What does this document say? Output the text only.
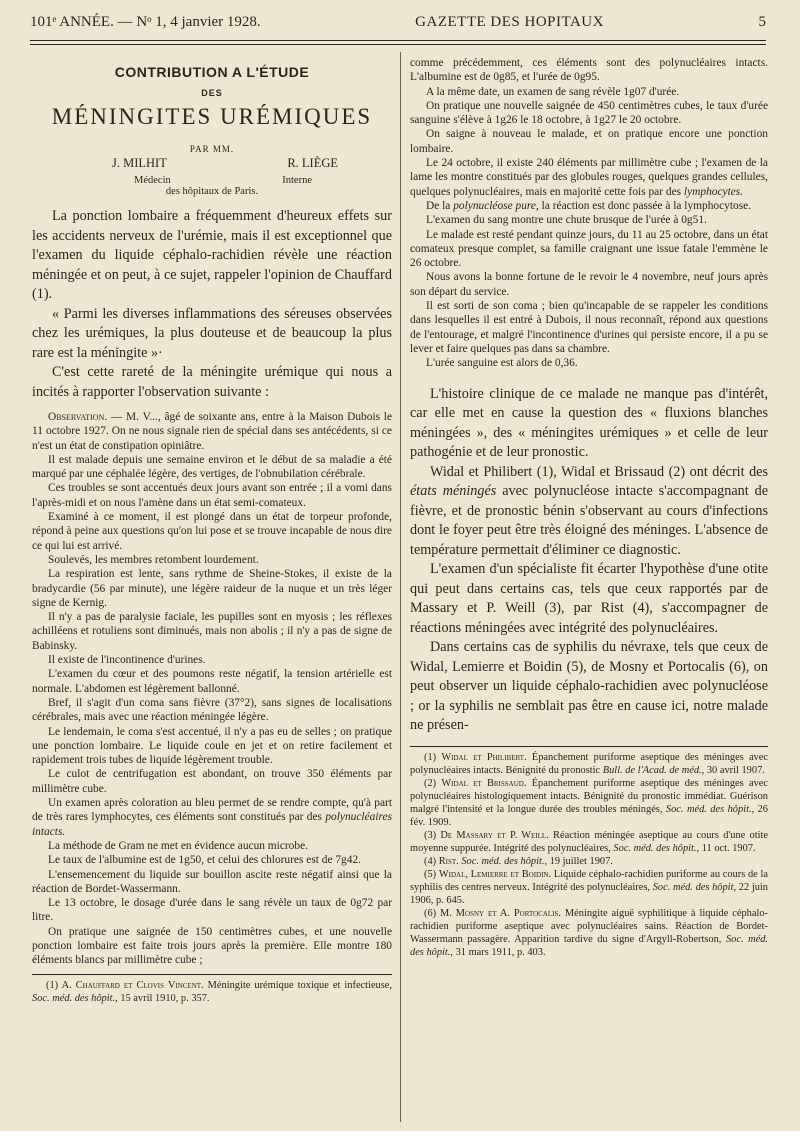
101ᵉ ANNÉE. — Nᵒ 1, 4 janvier 1928.	GAZETTE DES HOPITAUX	5
CONTRIBUTION A L'ÉTUDE
DES
MÉNINGITES URÉMIQUES
PAR MM.
J. MILHIT	R. LIÈGE
Médecin	Interne
des hôpitaux de Paris.

La ponction lombaire a fréquemment d'heureux effets sur les accidents nerveux de l'urémie, mais il est exceptionnel que l'examen du liquide céphalo-rachidien révèle une réaction méningée et on peut, à ce sujet, rappeler l'opinion de Chauffard (1).

« Parmi les diverses inflammations des séreuses observées chez les urémiques, la plus douteuse et de beaucoup la plus rare est la méningite »·

C'est cette rareté de la méningite urémique qui nous a incités à rapporter l'observation suivante :

Observation. — M. V..., âgé de soixante ans, entre à la Maison Dubois le 11 octobre 1927. On ne nous signale rien de spécial dans ses antécédents, si ce n'est un état de constipation opiniâtre.

Il est malade depuis une semaine environ et le début de sa maladie a été marqué par une céphalée légère, des vertiges, de l'obnubilation cérébrale.

Ces troubles se sont accentués deux jours avant son entrée ; il a vomi dans l'après-midi et on nous l'amène dans un état semi-comateux.

Examiné à ce moment, il est plongé dans un état de torpeur profonde, répond à peine aux questions qu'on lui pose et se trouve incapable de nous dire ce qui lui est arrivé.

Soulevés, les membres retombent lourdement.

La respiration est lente, sans rythme de Sheine-Stokes, il existe de la bradycardie (56 par minute), une légère raideur de la nuque et un très léger signe de Kernig.

Il n'y a pas de paralysie faciale, les pupilles sont en myosis ; les réflexes achilléens et rotuliens sont diminués, mais non abolis ; il n'y a pas de signe de Babinsky.

Il existe de l'incontinence d'urines.

L'examen du cœur et des poumons reste négatif, la tension artérielle est normale. L'abdomen est légèrement ballonné.

Bref, il s'agit d'un coma sans fièvre (37°2), sans signes de localisations cérébrales, mais avec une réaction méningée légère.

Le lendemain, le coma s'est accentué, il n'y a pas eu de selles ; on pratique une ponction lombaire. Le liquide coule en jet et on retire facilement et rapidement trois tubes de liquide légèrement trouble.

Le culot de centrifugation est abondant, on trouve 350 éléments par millimètre cube.

Un examen après coloration au bleu permet de se rendre compte, qu'à part de très rares lymphocytes, ces éléments sont constitués par des polynucléaires intacts.

La méthode de Gram ne met en évidence aucun microbe.

Le taux de l'albumine est de 1g50, et celui des chlorures est de 7g42.

L'ensemencement du liquide sur bouillon ascite reste négatif ainsi que la réaction de Bordet-Wassermann.

Le 13 octobre, le dosage d'urée dans le sang révèle un taux de 0g72 par litre.

On pratique une saignée de 150 centimètres cubes, et une nouvelle ponction lombaire est faite trois jours après la première. Elle montre 180 éléments blancs par millimètre cube ;

(1) A. Chauffard et Clovis Vincent. Méningite urémique toxique et infectieuse, Soc. méd. des hôpit., 15 avril 1910, p. 357.

comme précédemment, ces éléments sont des polynucléaires intacts. L'albumine est de 0g85, et l'urée de 0g95.

A la même date, un examen de sang révèle 1g07 d'urée.

On pratique une nouvelle saignée de 450 centimètres cubes, le taux d'urée sanguine s'élève à 1g26 le 18 octobre, à 1g27 le 20 octobre.

On saigne à nouveau le malade, et on pratique encore une ponction lombaire.

Le 24 octobre, il existe 240 éléments par millimètre cube ; l'examen de la lame les montre constitués par des globules rouges, quelques grandes cellules, quelques polynucléaires, mais en majorité cette fois par des lymphocytes.

De la polynucléose pure, la réaction est donc passée à la lymphocytose.

L'examen du sang montre une chute brusque de l'urée à 0g51.

Le malade est resté pendant quinze jours, du 11 au 25 octobre, dans un état comateux presque complet, sa famille craignant une issue fatale l'emmène le 26 octobre.

Nous avons la bonne fortune de le revoir le 4 novembre, neuf jours après son départ du service.

Il est sorti de son coma ; bien qu'incapable de se rappeler les conditions dans lesquelles il est entré à Dubois, il nous reconnaît, répond aux questions de l'entourage, et malgré l'incontinence d'urines qui persiste encore, il a pu se lever et faire quelques pas dans sa chambre.

L'urée sanguine est alors de 0,36.

L'histoire clinique de ce malade ne manque pas d'intérêt, car elle met en cause la question des « fluxions blanches méningées », des « méningites urémiques » et celle de leur pathogénie et de leur pronostic.

Widal et Philibert (1), Widal et Brissaud (2) ont décrit des états méningés avec polynucléose intacte s'accompagnant de fièvre, et de pronostic bénin s'observant au cours d'infections dont le foyer peut être très éloigné des méninges. L'absence de température permettait d'éliminer ce diagnostic.

L'examen d'un spécialiste fit écarter l'hypothèse d'une otite qui peut dans certains cas, tels que ceux rapportés par de Massary et P. Weill (3), par Rist (4), s'accompagner de réactions méningées avec intégrité des polynucléaires.

Dans certains cas de syphilis du névraxe, tels que ceux de Widal, Lemierre et Boidin (5), de Mosny et Portocalis (6), on peut observer un liquide céphalo-rachidien avec polynucléose ; or la syphilis ne semblait pas être en cause ici, notre malade ne présen-

(1) Widal et Philibert. Épanchement puriforme aseptique des méninges avec polynucléaires intacts. Bénignité du pronostic Bull. de l'Acad. de méd., 30 avril 1907.

(2) Widal et Brissaud. Épanchement puriforme aseptique des méninges avec polynucléaires histologiquement intacts. Bénignité du pronostic immédiat. Guérison malgré l'intensité et la longue durée des troubles méningés, Soc. méd. des hôpit., 26 fév. 1909.

(3) De Massary et P. Weill. Réaction méningée aseptique au cours d'une otite moyenne suppurée. Intégrité des polynucléaires, Soc. méd. des hôpit., 11 oct. 1907.

(4) Rist. Soc. méd. des hôpit., 19 juillet 1907.

(5) Widal, Lemierre et Boidin. Liquide céphalo-rachidien puriforme au cours de la syphilis des centres nerveux. Intégrité des polynucléaires, Soc. méd. des hôpit, 22 juin 1906, p. 645.

(6) M. Mosny et A. Portocalis. Méningite aiguë syphilitique à liquide céphalo-rachidien puriforme aseptique avec polynucléaires sains. Réaction de Bordet-Wassermann passagère. Apparition tardive du signe d'Argyll-Robertson, Soc. méd. des hôpit., 31 mars 1911, p. 403.
